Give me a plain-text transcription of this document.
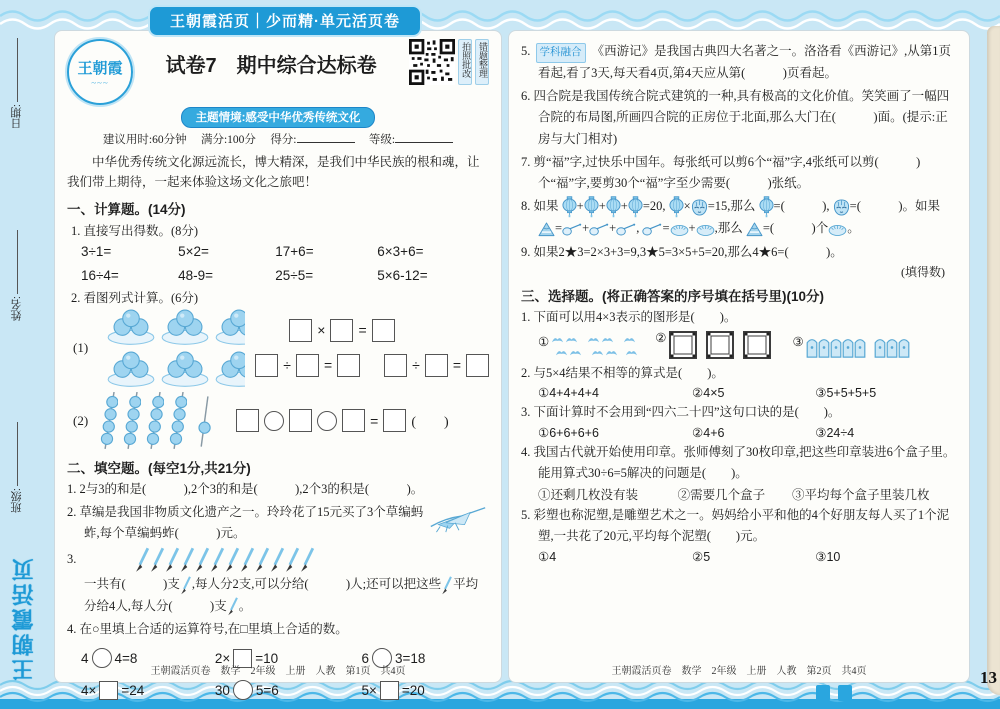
王朝霞活页｜少而精·单元活页卷
日期:
姓名:
班级:
王朝霞活页
王朝霞
~~~
试卷7　期中综合达标卷	拍照批改 错题整理
主题情境:感受中华优秀传统文化
建议用时:60分钟　 满分:100分　 得分:　	等级:
中华优秀传统文化源远流长，博大精深，是我们中华民族的根和魂，让我们带上期待，一起来体验这场文化之旅吧！
一、计算题。(14分)
1. 直接写出得数。(8分)
3÷1=	5×2=	17+6=	6×3+6=
16÷4=	48-9=	25÷5=	5×6-12=
2. 看图列式计算。(6分)
(1)
× =
÷ =	÷ =
(2)	= (　　)
二、填空题。(每空1分,共21分)
1. 2与3的和是(　　　),2个3的和是(　　　),2个3的积是(　　　)。
2. 草编是我国非物质文化遗产之一。玲玲花了15元买了3个草编蚂蚱,每个草编蚂蚱(　　　)元。
3.

一共有(　　　)支 ,每人分2支,可以分给(　　　)人;还可以把这些 平均分给4人,每人分(　　　)支 。
4. 在○里填上合适的运算符号,在□里填上合适的数。
4 4=8	2× =10	6 3=18
4× =24	30 5=6	5× =20
王朝霞活页卷　数学　2年级　上册　人教　第1页　共4页
5. 学科融合 《西游记》是我国古典四大名著之一。洛洛看《西游记》,从第1页看起,看了3天,每天看4页,第4天应从第(　　　)页看起。
6. 四合院是我国传统合院式建筑的一种,具有极高的文化价值。笑笑画了一幅四合院的布局图,所画四合院的正房位于北面,那么大门在(　　　)面。(提示:正房与大门相对)
7. 剪“福”字,过快乐中国年。每张纸可以剪6个“福”字,4张纸可以剪(　　　)个“福”字,要剪30个“福”字至少需要(　　　)张纸。
8. 如果 + + + =20, × =15,那么 =(　　　), =(　　　)。如果 = + + , = + ,那么 =(　　　)个 。
9. 如果2★3=2×3+3=9,3★5=3×5+5=20,那么4★6=(　　　)。
(填得数)
三、选择题。(将正确答案的序号填在括号里)(10分)
1. 下面可以用4×3表示的图形是(　　)。
①	②	③
2. 与5×4结果不相等的算式是(　　)。
①4+4+4+4	②4×5	③5+5+5+5
3. 下面计算时不会用到“四六二十四”这句口诀的是(　　)。
①6+6+6+6	②4+6	③24÷4
4. 我国古代就开始使用印章。张师傅刻了30枚印章,把这些印章装进6个盒子里。能用算式30÷6=5解决的问题是(　　)。
①还剩几枚没有装	②需要几个盒子	③平均每个盒子里装几枚
5. 彩塑也称泥塑,是雕塑艺术之一。妈妈给小平和他的4个好朋友每人买了1个泥塑,一共花了20元,平均每个泥塑(　　)元。
①4	②5	③10
王朝霞活页卷　数学　2年级　上册　人教　第2页　共4页	13
